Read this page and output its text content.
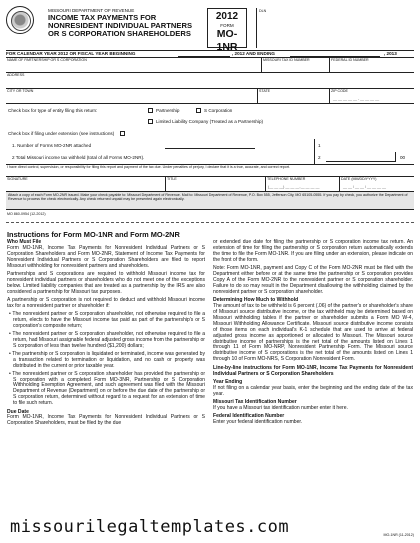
MISSOURI DEPARTMENT OF REVENUE
INCOME TAX PAYMENTS FOR
NONRESIDENT INDIVIDUAL PARTNERS
OR S CORPORATION SHAREHOLDERS
2012
FORM
MO-1NR
DLN
FOR CALENDAR YEAR 2012 OR FISCAL YEAR BEGINNING	, 2012 AND ENDING	, 2013
NAME OF PARTNERSHIP OR S CORPORATION	MISSOURI TAX ID NUMBER	FEDERAL ID NUMBER
ADDRESS
CITY OR TOWN	STATE	ZIP CODE
__ __ __ __ __ - __ __ __ __
Check box for type of entity filing this return:	Partnership	S Corporation
Limited Liability Company (Treated as a Partnership)
Check box if filing under extension (see instructions)
1. Number of Forms MO-2NR attached	1
2 Total Missouri income tax withheld (total of all Forms MO-2NR).	2	00
I have direct control, supervision, or responsibility for filing this report and payment of the tax due. Under penalties of perjury, I declare that it is a true, accurate, and correct report.
SIGNATURE	TITLE	TELEPHONE NUMBER
(__ __ __) __ __ __-__ __ __ __
DATE (MM/DD/YYYY)
__ __ / __ __ / __ __ __ __
Attach a copy of each Form MO-2NR issued. Make your check payable to: Missouri Department of Revenue. Mail to: Missouri Department of Revenue, P.O. Box 555, Jefferson City, MO 65105-0555. If you pay by check, you authorize the Department of Revenue to process the check electronically. Any check returned unpaid may be presented again electronically.
MO 860-0954 (12-2012)
Instructions for Form MO-1NR and Form MO-2NR
Who Must File

Form MO-1NR, Income Tax Payments for Nonresident Individual Partners or S Corporation Shareholders and Form MO-2NR, Statement of Income Tax Payments for Nonresident Individual Partners or S Corporation Shareholders are filed to report Missouri withholding for nonresident partners and shareholders.

Partnerships and S corporations are required to withhold Missouri income tax for nonresident individual partners or shareholders who do not meet one of the exceptions below. Limited liability companies that are treated as a partnership by the IRS are also considered a partnership for Missouri tax purposes.

A partnership or S corporation is not required to deduct and withhold Missouri income tax for a nonresident partner or shareholder if:

• The nonresident partner or S corporation shareholder, not otherwise required to file a return, elects to have the Missouri income tax paid as part of the partnership's or S corporation's composite return;
• The nonresident partner or S corporation shareholder, not otherwise required to file a return, had Missouri assignable federal adjusted gross income from the partnership or S corporation of less than twelve hundred ($1,200) dollars;
• The partnership or S corporation is liquidated or terminated, income was generated by a transaction related to termination or liquidation, and no cash or property was distributed in the current or prior taxable year.
• The nonresident partner or S corporation shareholder has provided the partnership or S corporation with a completed Form MO-3NR, Partnership or S Corporation Withholding Exemption Agreement, and such agreement was filed with the Missouri Department of Revenue (Department) on or before the due date of the partnership or S corporation return, determined without regard to a request for an extension of time to file such return.
Due Date

Form MO-1NR, Income Tax Payments for Nonresident Individual Partners or S Corporation Shareholders, must be filed by the due

or extended due date for filing the partnership or S corporation income tax return. An extension of time for filing the partnership or S corporation return automatically extends the time to file the Form MO-1NR. If you are filing under an extension, please indicate on the front of the form.

Note: Form MO-1NR, payment and Copy C of the Form MO-2NR must be filed with the Department either before or at the same time the partnership or S corporation provides Copy A of the Form MO-2NR to the nonresident partner or S corporation shareholder. Failure to do so may result in the Department disallowing the withholding claimed by the nonresident partner or S corporation shareholder.

Determining How Much to Withhold

The amount of tax to be withheld is 6 percent (.06) of the partner's or shareholder's share of Missouri source distributive income, or the tax withheld may be determined based on Missouri withholding tables if the partner or shareholder submits a Form MO W-4, Missouri Withholding Allowance Certificate. Missouri source distributive income consists of those items on each individual's K-1 schedule that are used to arrive at federal adjusted gross income as apportioned or allocated to Missouri. The Missouri source distributive income of partnerships is the net total of the amounts listed on Lines 1 through 11 of Form MO-NRP, Nonresident Partnership Form. The Missouri source distributive income of S corporations is the net total of the amounts listed on Lines 1 through 10 of Form MO-NRS, S Corporation Nonresident Form.

Line-by-line instructions for Form MO-1NR, Income Tax Payments for Nonresident Individual Partners or S Corporation Shareholders
Year Ending

If not filing on a calendar year basis, enter the beginning and the ending date of the tax year.

Missouri Tax Identification Number

If you have a Missouri tax identification number enter it here.

Federal Identification Number

Enter your federal identification number.

MO-1NR (11-2012)
missourilegaltemplates.com
